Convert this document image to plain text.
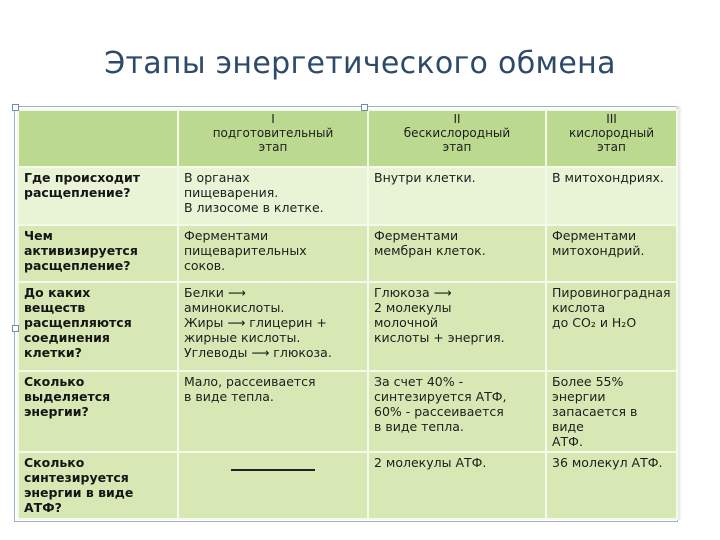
Этапы энергетического обмена
	I
подготовительный
этап	II
бескислородный
этап	III
кислородный
этап
Где происходит
расщепление?	В органах
пищеварения.
В лизосоме в клетке.	Внутри клетки.	В митохондриях.
Чем
активизируется
расщепление?	Ферментами
пищеварительных
соков.	Ферментами
мембран клеток.	Ферментами
митохондрий.
До каких
веществ
расщепляются
соединения
клетки?	Белки ⟶
аминокислоты.
Жиры ⟶ глицерин +
жирные кислоты.
Углеводы ⟶ глюкоза.	Глюкоза ⟶
2 молекулы
молочной
кислоты + энергия.	Пировиноградная
кислота
до CO₂ и H₂O
Сколько
выделяется
энергии?	Мало, рассеивается
в виде тепла.	За счет 40% -
синтезируется АТФ,
60% - рассеивается
в виде тепла.	Более 55%
энергии
запасается в виде
АТФ.
Сколько
синтезируется
энергии в виде
АТФ?		2 молекулы АТФ.	36 молекул АТФ.
